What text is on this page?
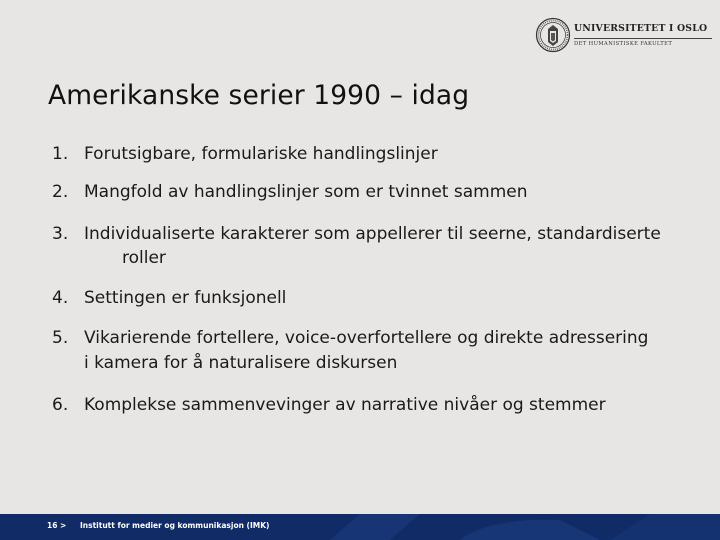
UNIVERSITETET I OSLO
DET HUMANISTISKE FAKULTET
Amerikanske serier 1990 – idag
1. Forutsigbare, formulariske handlingslinjer
2. Mangfold av handlingslinjer som er tvinnet sammen
3. Individualiserte karakterer som appellerer til seerne, standardiserte
roller
4. Settingen er funksjonell
5. Vikarierende fortellere, voice-overfortellere og direkte adressering
i kamera for å naturalisere diskursen
6. Komplekse sammenvevinger av narrative nivåer og stemmer
16 > Institutt for medier og kommunikasjon (IMK)
